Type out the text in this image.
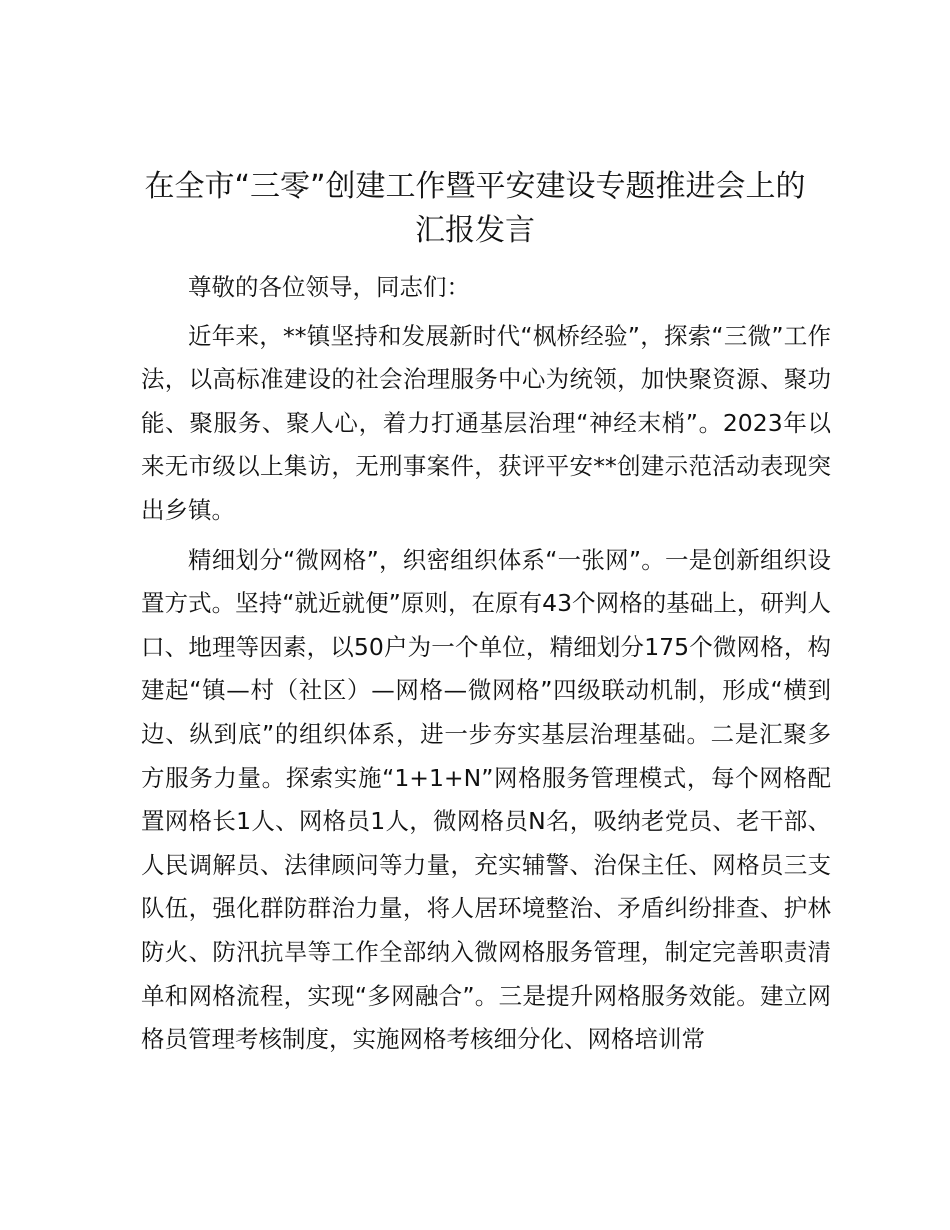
在全市“三零”创建工作暨平安建设专题推进会上的汇报发言

尊敬的各位领导，同志们：

近年来，**镇坚持和发展新时代“枫桥经验”，探索“三微”工作法，以高标准建设的社会治理服务中心为统领，加快聚资源、聚功能、聚服务、聚人心，着力打通基层治理“神经末梢”。2023年以来无市级以上集访，无刑事案件，获评平安**创建示范活动表现突出乡镇。

精细划分“微网格”，织密组织体系“一张网”。一是创新组织设置方式。坚持“就近就便”原则，在原有43个网格的基础上，研判人口、地理等因素，以50户为一个单位，精细划分175个微网格，构建起“镇—村（社区）—网格—微网格”四级联动机制，形成“横到边、纵到底”的组织体系，进一步夯实基层治理基础。二是汇聚多方服务力量。探索实施“1+1+N”网格服务管理模式，每个网格配置网格长1人、网格员1人，微网格员N名，吸纳老党员、老干部、人民调解员、法律顾问等力量，充实辅警、治保主任、网格员三支队伍，强化群防群治力量，将人居环境整治、矛盾纠纷排查、护林防火、防汛抗旱等工作全部纳入微网格服务管理，制定完善职责清单和网格流程，实现“多网融合”。三是提升网格服务效能。建立网格员管理考核制度，实施网格考核细分化、网格培训常
